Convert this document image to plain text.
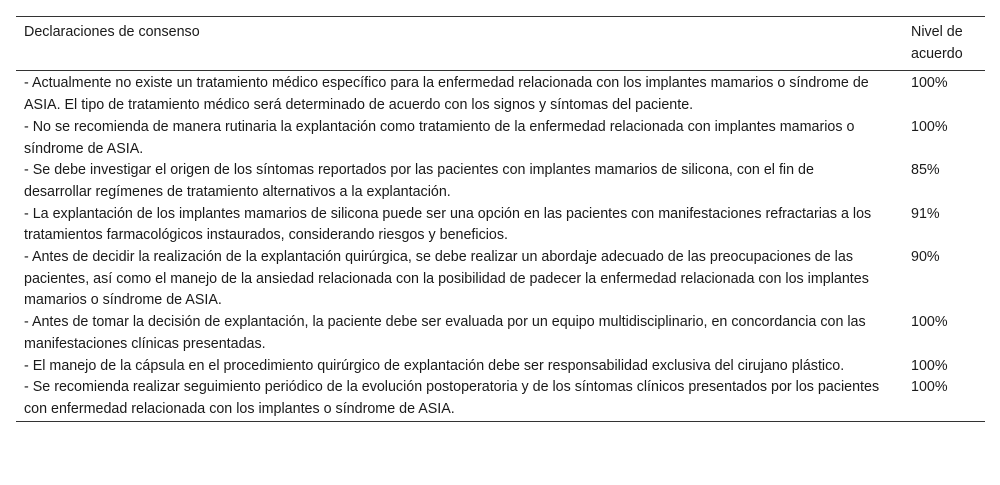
Declaraciones de consenso	Nivel de acuerdo
- Actualmente no existe un tratamiento médico específico para la enfermedad relacionada con los implantes mamarios o síndrome de ASIA. El tipo de tratamiento médico será determinado de acuerdo con los signos y síntomas del paciente.	100%
- No se recomienda de manera rutinaria la explantación como tratamiento de la enfermedad relacionada con implantes mamarios o síndrome de ASIA.	100%
- Se debe investigar el origen de los síntomas reportados por las pacientes con implantes mamarios de silicona, con el fin de desarrollar regímenes de tratamiento alternativos a la explantación.	85%
- La explantación de los implantes mamarios de silicona puede ser una opción en las pacientes con manifestaciones refractarias a los tratamientos farmacológicos instaurados, considerando riesgos y beneficios.	91%
- Antes de decidir la realización de la explantación quirúrgica, se debe realizar un abordaje adecuado de las preocupaciones de las pacientes, así como el manejo de la ansiedad relacionada con la posibilidad de padecer la enfermedad relacionada con los implantes mamarios o síndrome de ASIA.	90%
- Antes de tomar la decisión de explantación, la paciente debe ser evaluada por un equipo multidisciplinario, en concordancia con las manifestaciones clínicas presentadas.	100%
- El manejo de la cápsula en el procedimiento quirúrgico de explantación debe ser responsabilidad exclusiva del cirujano plástico.	100%
- Se recomienda realizar seguimiento periódico de la evolución postoperatoria y de los síntomas clínicos presentados por los pacientes con enfermedad relacionada con los implantes o síndrome de ASIA.	100%
